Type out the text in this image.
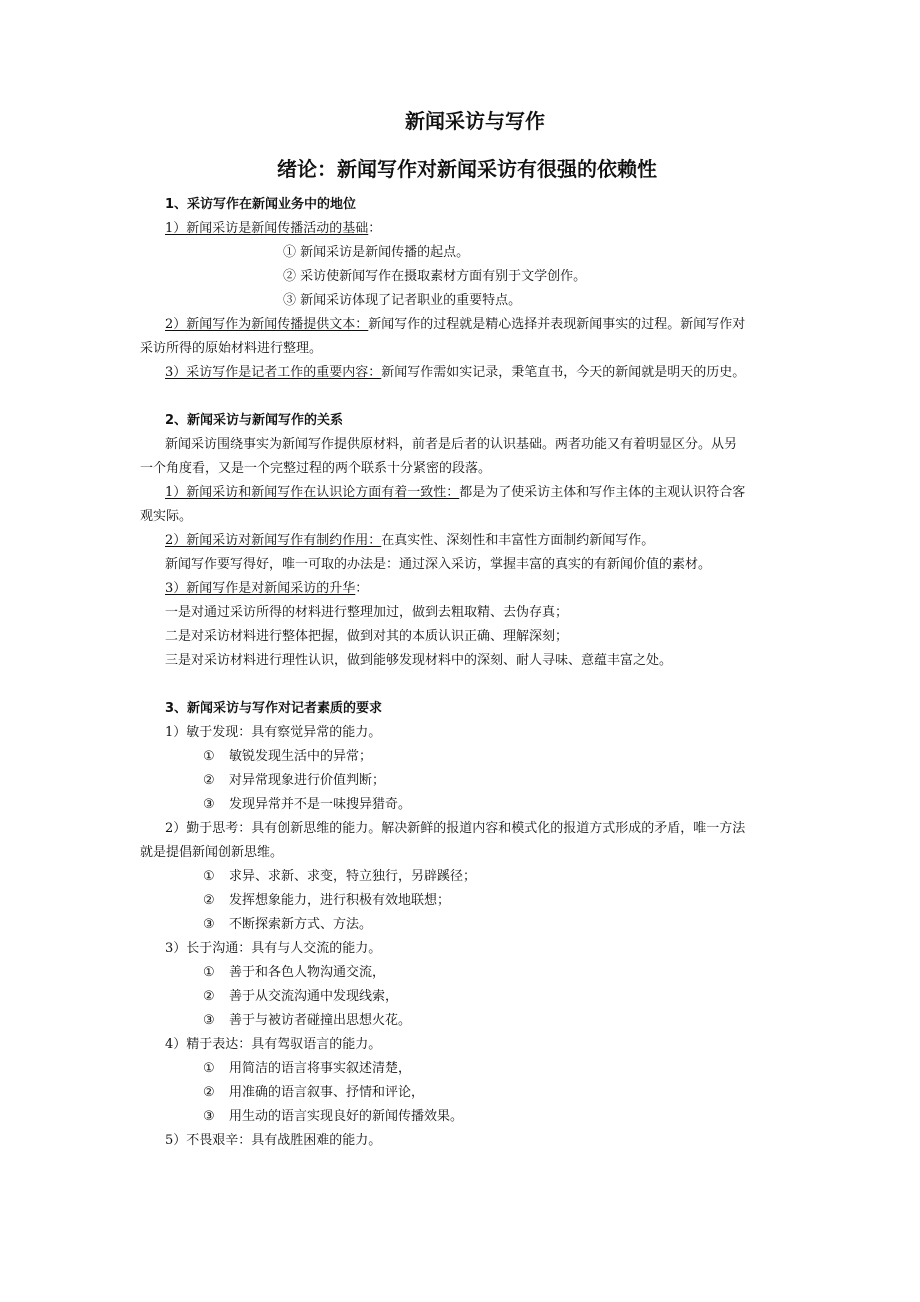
新闻采访与写作
绪论：新闻写作对新闻采访有很强的依赖性
1、采访写作在新闻业务中的地位
1）新闻采访是新闻传播活动的基础：
① 新闻采访是新闻传播的起点。
② 采访使新闻写作在摄取素材方面有别于文学创作。
③ 新闻采访体现了记者职业的重要特点。
2）新闻写作为新闻传播提供文本：新闻写作的过程就是精心选择并表现新闻事实的过程。新闻写作对
采访所得的原始材料进行整理。
3）采访写作是记者工作的重要内容：新闻写作需如实记录，秉笔直书，今天的新闻就是明天的历史。
2、新闻采访与新闻写作的关系
新闻采访围绕事实为新闻写作提供原材料，前者是后者的认识基础。两者功能又有着明显区分。从另
一个角度看，又是一个完整过程的两个联系十分紧密的段落。
1）新闻采访和新闻写作在认识论方面有着一致性：都是为了使采访主体和写作主体的主观认识符合客
观实际。
2）新闻采访对新闻写作有制约作用：在真实性、深刻性和丰富性方面制约新闻写作。
新闻写作要写得好，唯一可取的办法是：通过深入采访，掌握丰富的真实的有新闻价值的素材。
3）新闻写作是对新闻采访的升华：
一是对通过采访所得的材料进行整理加过，做到去粗取精、去伪存真；
二是对采访材料进行整体把握，做到对其的本质认识正确、理解深刻；
三是对采访材料进行理性认识，做到能够发现材料中的深刻、耐人寻味、意蕴丰富之处。
3、新闻采访与写作对记者素质的要求
1）敏于发现：具有察觉异常的能力。
① 敏锐发现生活中的异常；
② 对异常现象进行价值判断；
③ 发现异常并不是一味搜异猎奇。
2）勤于思考：具有创新思维的能力。解决新鲜的报道内容和模式化的报道方式形成的矛盾，唯一方法
就是提倡新闻创新思维。
① 求异、求新、求变，特立独行，另辟蹊径；
② 发挥想象能力，进行积极有效地联想；
③ 不断探索新方式、方法。
3）长于沟通：具有与人交流的能力。
① 善于和各色人物沟通交流，
② 善于从交流沟通中发现线索，
③ 善于与被访者碰撞出思想火花。
4）精于表达：具有驾驭语言的能力。
① 用简洁的语言将事实叙述清楚，
② 用准确的语言叙事、抒情和评论，
③ 用生动的语言实现良好的新闻传播效果。
5）不畏艰辛：具有战胜困难的能力。
